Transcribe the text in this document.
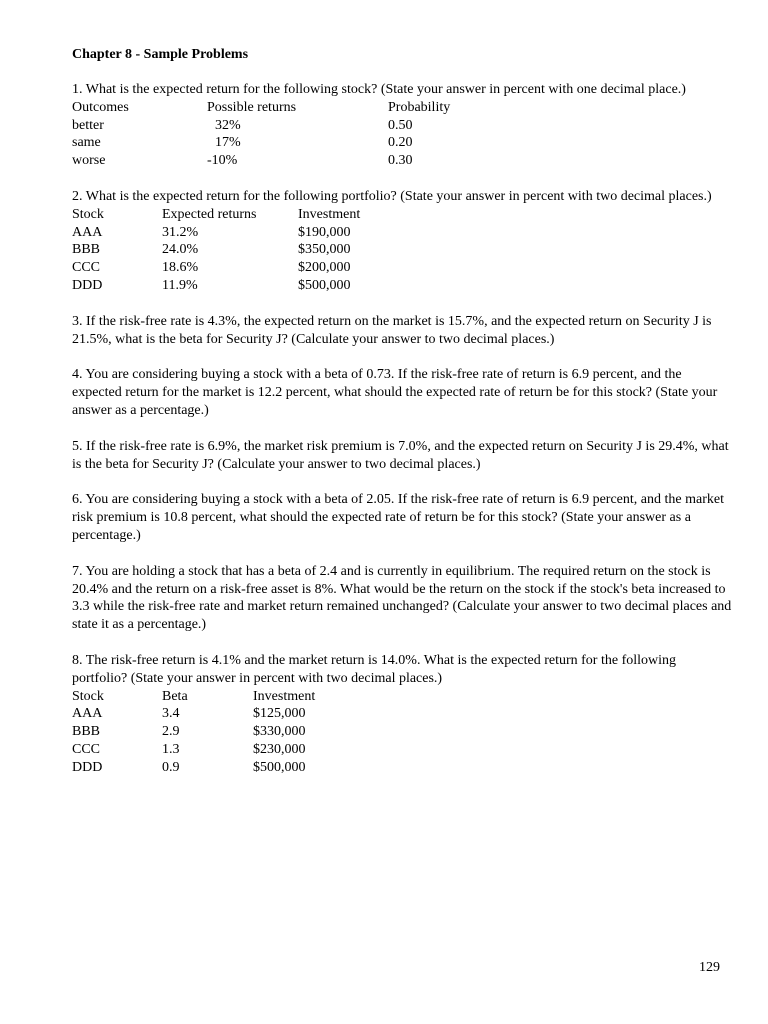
Chapter 8 - Sample Problems

1. What is the expected return for the following stock? (State your answer in percent with one decimal place.)

Outcomes	Possible returns	Probability
better	32%	0.50
same	17%	0.20
worse	-10%	0.30

2. What is the expected return for the following portfolio? (State your answer in percent with two decimal places.)

Stock	Expected returns	Investment
AAA	31.2%	$190,000
BBB	24.0%	$350,000
CCC	18.6%	$200,000
DDD	11.9%	$500,000

3. If the risk-free rate is 4.3%, the expected return on the market is 15.7%, and the expected return on Security J is 21.5%, what is the beta for Security J? (Calculate your answer to two decimal places.)

4. You are considering buying a stock with a beta of 0.73. If the risk-free rate of return is 6.9 percent, and the expected return for the market is 12.2 percent, what should the expected rate of return be for this stock? (State your answer as a percentage.)

5. If the risk-free rate is 6.9%, the market risk premium is 7.0%, and the expected return on Security J is 29.4%, what is the beta for Security J? (Calculate your answer to two decimal places.)

6. You are considering buying a stock with a beta of 2.05. If the risk-free rate of return is 6.9 percent, and the market risk premium is 10.8 percent, what should the expected rate of return be for this stock? (State your answer as a percentage.)

7. You are holding a stock that has a beta of 2.4 and is currently in equilibrium. The required return on the stock is 20.4% and the return on a risk-free asset is 8%. What would be the return on the stock if the stock's beta increased to 3.3 while the risk-free rate and market return remained unchanged? (Calculate your answer to two decimal places and state it as a percentage.)

8. The risk-free return is 4.1% and the market return is 14.0%. What is the expected return for the following portfolio? (State your answer in percent with two decimal places.)

Stock	Beta	Investment
AAA	3.4	$125,000
BBB	2.9	$330,000
CCC	1.3	$230,000
DDD	0.9	$500,000
129
